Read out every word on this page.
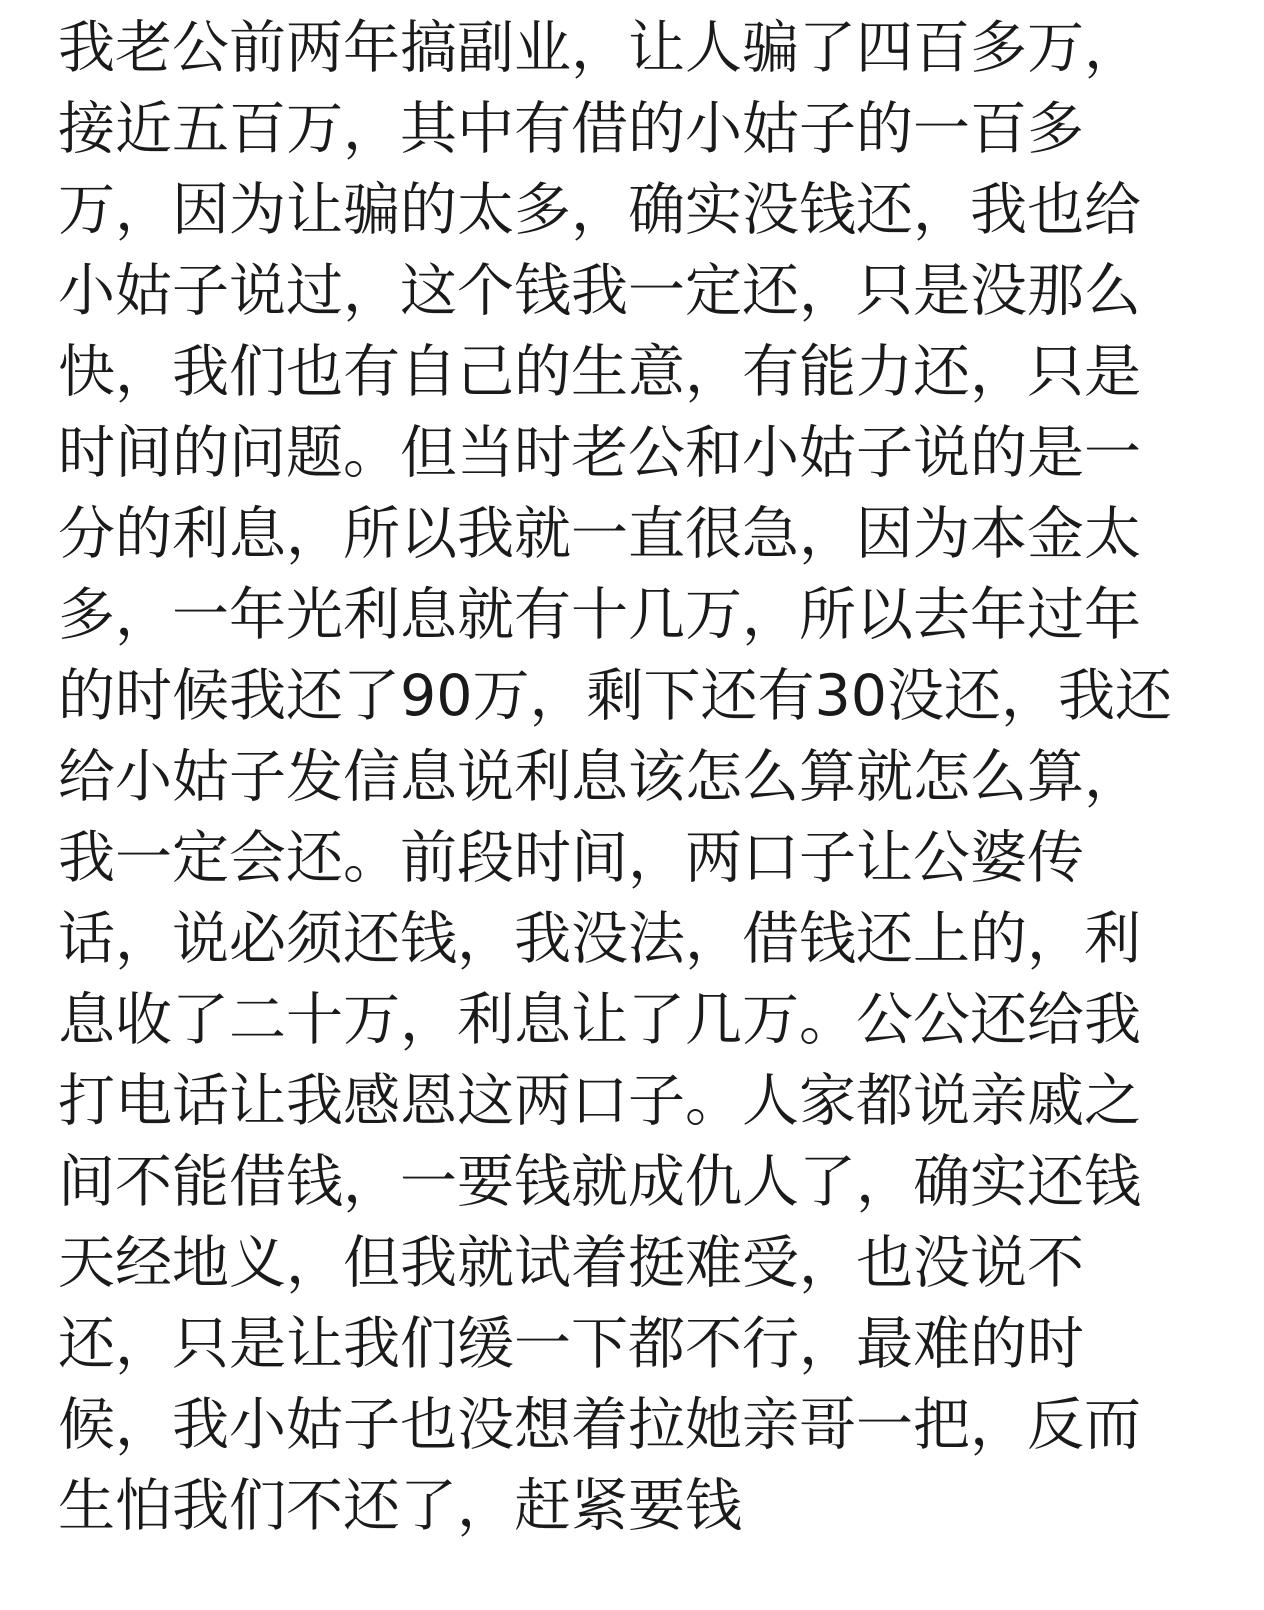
我老公前两年搞副业，让人骗了四百多万，
接近五百万，其中有借的小姑子的一百多
万，因为让骗的太多，确实没钱还，我也给
小姑子说过，这个钱我一定还，只是没那么
快，我们也有自己的生意，有能力还，只是
时间的问题。但当时老公和小姑子说的是一
分的利息，所以我就一直很急，因为本金太
多，一年光利息就有十几万，所以去年过年
的时候我还了90万，剩下还有30没还，我还
给小姑子发信息说利息该怎么算就怎么算，
我一定会还。前段时间，两口子让公婆传
话，说必须还钱，我没法，借钱还上的，利
息收了二十万，利息让了几万。公公还给我
打电话让我感恩这两口子。人家都说亲戚之
间不能借钱，一要钱就成仇人了，确实还钱
天经地义，但我就试着挺难受，也没说不
还，只是让我们缓一下都不行，最难的时
候，我小姑子也没想着拉她亲哥一把，反而
生怕我们不还了，赶紧要钱
